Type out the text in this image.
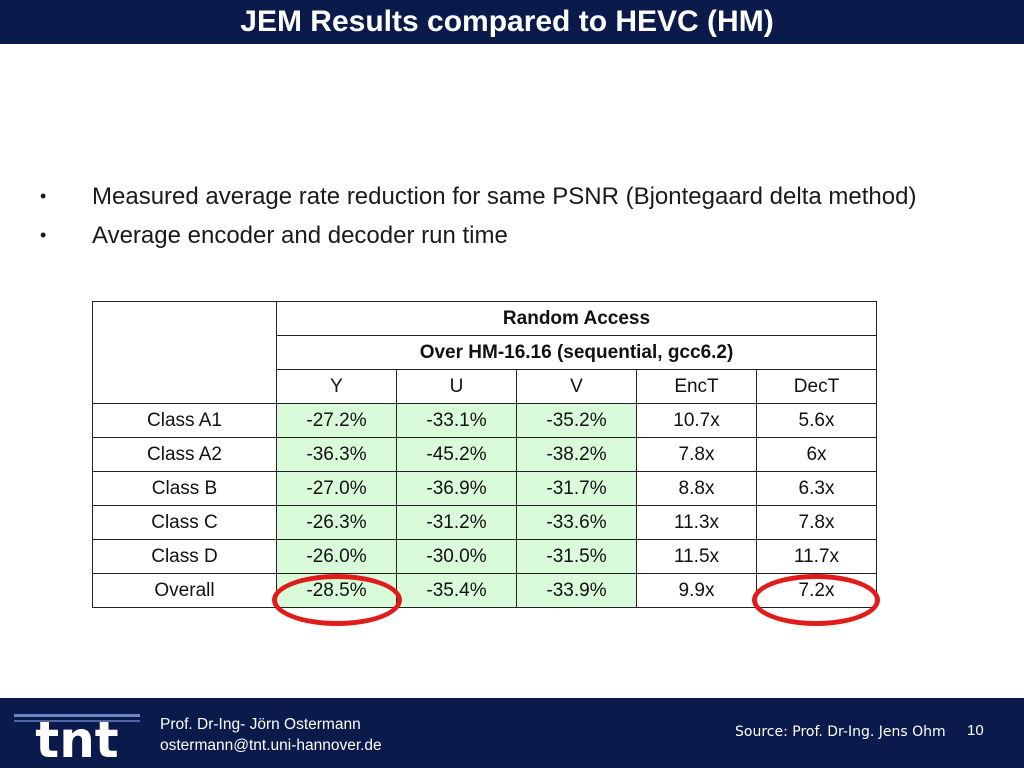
JEM Results compared to HEVC (HM)
•	Measured average rate reduction for same PSNR (Bjontegaard delta method)
•	Average encoder and decoder run time
	Random Access				
	Over HM-16.16 (sequential, gcc6.2)				
	Y	U	V	EncT	DecT
Class A1	-27.2%	-33.1%	-35.2%	10.7x	5.6x
Class A2	-36.3%	-45.2%	-38.2%	7.8x	6x
Class B	-27.0%	-36.9%	-31.7%	8.8x	6.3x
Class C	-26.3%	-31.2%	-33.6%	11.3x	7.8x
Class D	-26.0%	-30.0%	-31.5%	11.5x	11.7x
Overall	-28.5%	-35.4%	-33.9%	9.9x	7.2x
tnt	Prof. Dr-Ing- Jörn Ostermann
ostermann@tnt.uni-hannover.de
Source: Prof. Dr-Ing. Jens Ohm 10
